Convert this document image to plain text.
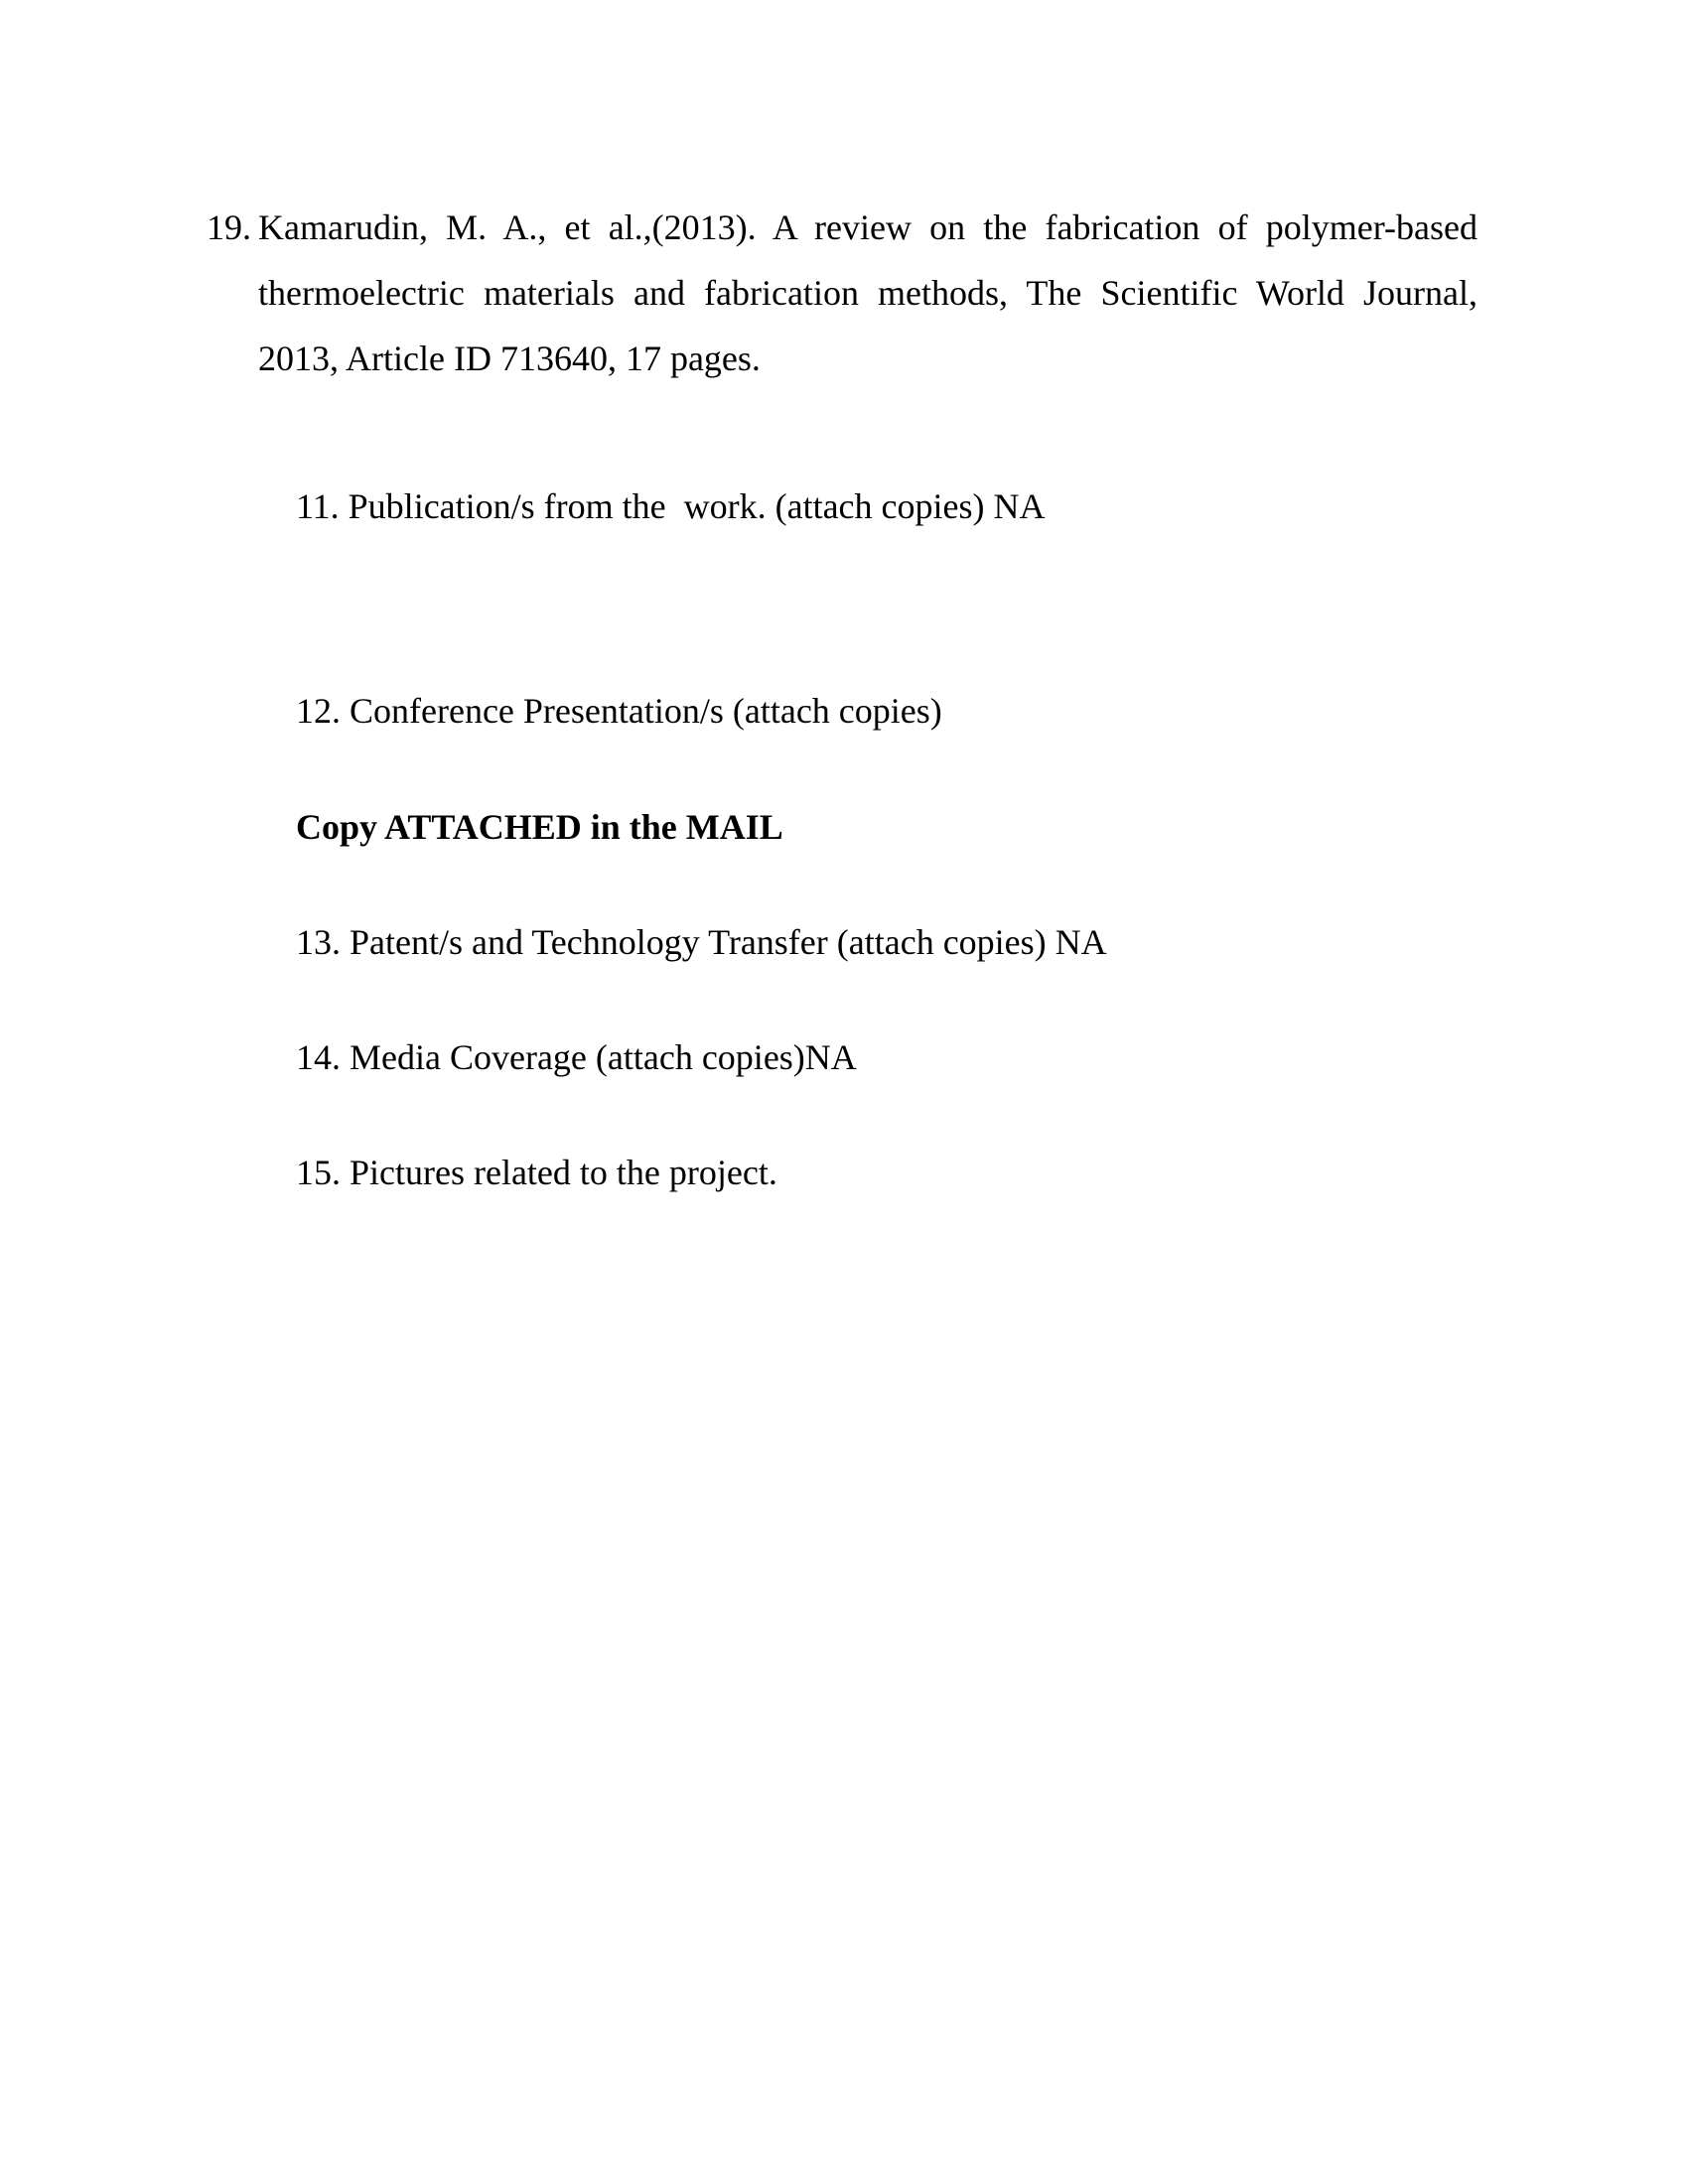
19. Kamarudin, M. A., et al.,(2013). A review on the fabrication of polymer-based thermoelectric materials and fabrication methods, The Scientific World Journal, 2013, Article ID 713640, 17 pages.
11. Publication/s from the  work. (attach copies) NA
12. Conference Presentation/s (attach copies)
Copy ATTACHED in the MAIL
13. Patent/s and Technology Transfer (attach copies) NA
14. Media Coverage (attach copies)NA
15. Pictures related to the project.
